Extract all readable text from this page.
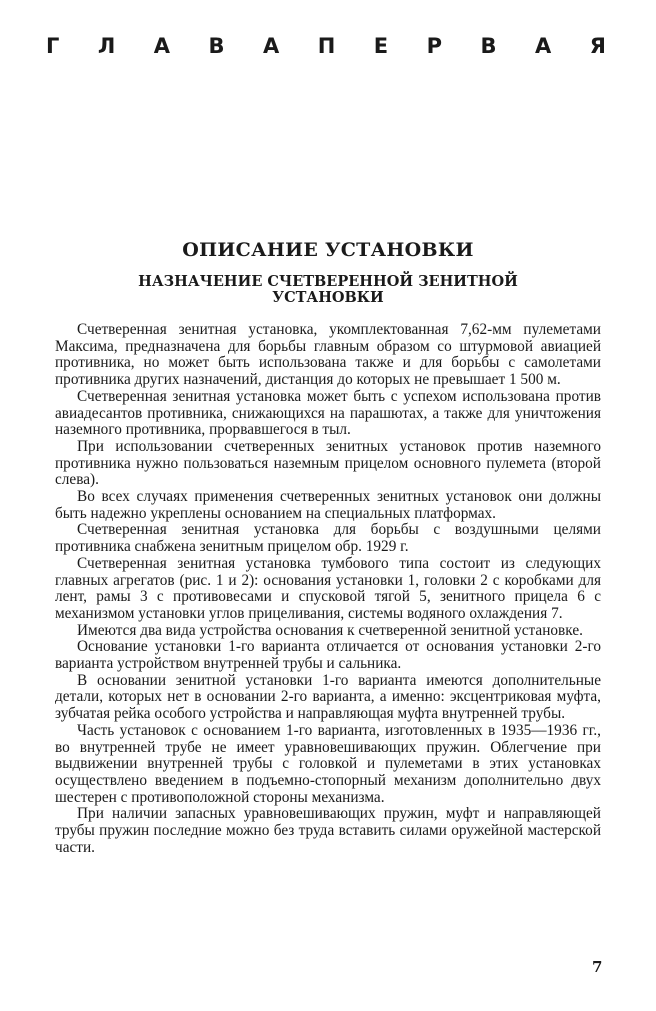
Г Л А В А П Е Р В А Я
ОПИСАНИЕ УСТАНОВКИ
НАЗНАЧЕНИЕ СЧЕТВЕРЕННОЙ ЗЕНИТНОЙ
УСТАНОВКИ

Счетверенная зенитная установка, укомплектованная 7,62-мм пулеметами Максима, предназначена для борьбы главным образом со штурмовой авиацией противника, но может быть использована также и для борьбы с самолетами противника других назначений, дистанция до которых не превышает 1 500 м.

Счетверенная зенитная установка может быть с успехом использована против авиадесантов противника, снижающихся на парашютах, а также для уничтожения наземного противника, прорвавшегося в тыл.

При использовании счетверенных зенитных установок против наземного противника нужно пользоваться наземным прицелом основного пулемета (второй слева).

Во всех случаях применения счетверенных зенитных установок они должны быть надежно укреплены основанием на специальных платформах.

Счетверенная зенитная установка для борьбы с воздушными целями противника снабжена зенитным прицелом обр. 1929 г.

Счетверенная зенитная установка тумбового типа состоит из следующих главных агрегатов (рис. 1 и 2): основания установки 1, головки 2 с коробками для лент, рамы 3 с противовесами и спусковой тягой 5, зенитного прицела 6 с механизмом установки углов прицеливания, системы водяного охлаждения 7.

Имеются два вида устройства основания к счетверенной зенитной установке.

Основание установки 1-го варианта отличается от основания установки 2-го варианта устройством внутренней трубы и сальника.

В основании зенитной установки 1-го варианта имеются дополнительные детали, которых нет в основании 2-го варианта, а именно: эксцентриковая муфта, зубчатая рейка особого устройства и направляющая муфта внутренней трубы.

Часть установок с основанием 1-го варианта, изготовленных в 1935—1936 гг., во внутренней трубе не имеет уравновешивающих пружин. Облегчение при выдвижении внутренней трубы с головкой и пулеметами в этих установках осуществлено введением в подъемно-стопорный механизм дополнительно двух шестерен с противоположной стороны механизма.

При наличии запасных уравновешивающих пружин, муфт и направляющей трубы пружин последние можно без труда вставить силами оружейной мастерской части.

7
